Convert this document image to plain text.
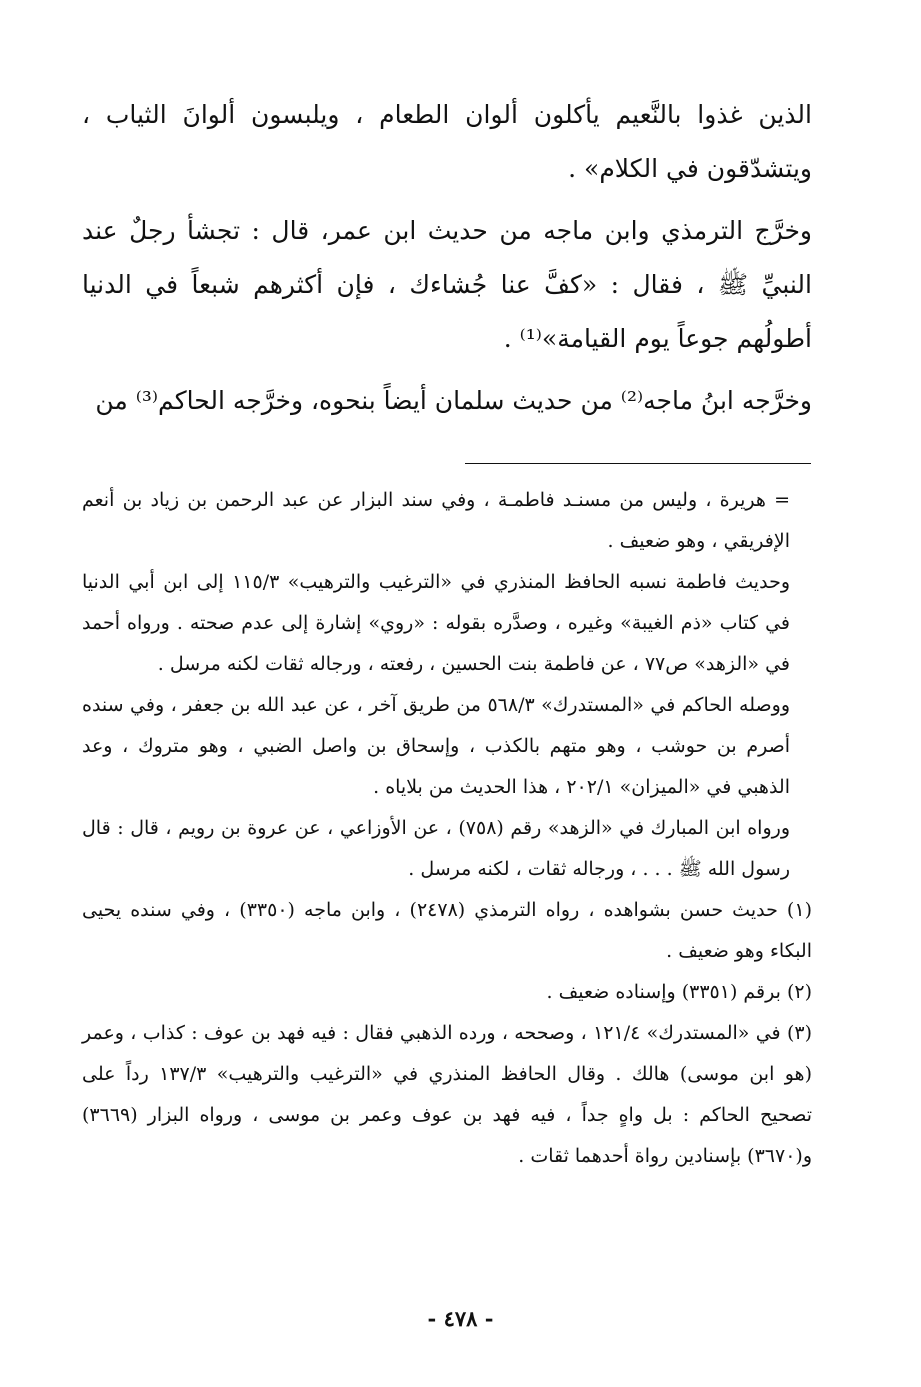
الذين غذوا بالنَّعيم يأكلون ألوان الطعام ، ويلبسون ألوانَ الثياب ، ويتشدّقون في الكلام» .

وخرَّج الترمذي وابن ماجه من حديث ابن عمر، قال : تجشأ رجلٌ عند النبيِّ ﷺ ، فقال : «كفَّ عنا جُشاءك ، فإن أكثرهم شبعاً في الدنيا أطولُهم جوعاً يوم القيامة»⁽¹⁾ .

وخرَّجه ابنُ ماجه⁽²⁾ من حديث سلمان أيضاً بنحوه، وخرَّجه الحاكم⁽³⁾ من

= هريرة ، وليس من مسنـد فاطمـة ، وفي سند البزار عن عبد الرحمن بن زياد بن أنعم الإفريقي ، وهو ضعيف .

وحديث فاطمة نسبه الحافظ المنذري في «الترغيب والترهيب» ١١٥/٣ إلى ابن أبي الدنيا في كتاب «ذم الغيبة» وغيره ، وصدَّره بقوله : «روي» إشارة إلى عدم صحته . ورواه أحمد في «الزهد» ص٧٧ ، عن فاطمة بنت الحسين ، رفعته ، ورجاله ثقات لكنه مرسل .

ووصله الحاكم في «المستدرك» ٥٦٨/٣ من طريق آخر ، عن عبد الله بن جعفر ، وفي سنده أصرم بن حوشب ، وهو متهم بالكذب ، وإسحاق بن واصل الضبي ، وهو متروك ، وعد الذهبي في «الميزان» ٢٠٢/١ ، هذا الحديث من بلاياه .

ورواه ابن المبارك في «الزهد» رقم (٧٥٨) ، عن الأوزاعي ، عن عروة بن رويم ، قال : قال رسول الله ﷺ . . . ، ورجاله ثقات ، لكنه مرسل .

(١) حديث حسن بشواهده ، رواه الترمذي (٢٤٧٨) ، وابن ماجه (٣٣٥٠) ، وفي سنده يحيى البكاء وهو ضعيف .

(٢) برقم (٣٣٥١) وإسناده ضعيف .

(٣) في «المستدرك» ١٢١/٤ ، وصححه ، ورده الذهبي فقال : فيه فهد بن عوف : كذاب ، وعمر (هو ابن موسى) هالك . وقال الحافظ المنذري في «الترغيب والترهيب» ١٣٧/٣ رداً على تصحيح الحاكم : بل واهٍ جداً ، فيه فهد بن عوف وعمر بن موسى ، ورواه البزار (٣٦٦٩) و(٣٦٧٠) بإسنادين رواة أحدهما ثقات .

- ٤٧٨ -
